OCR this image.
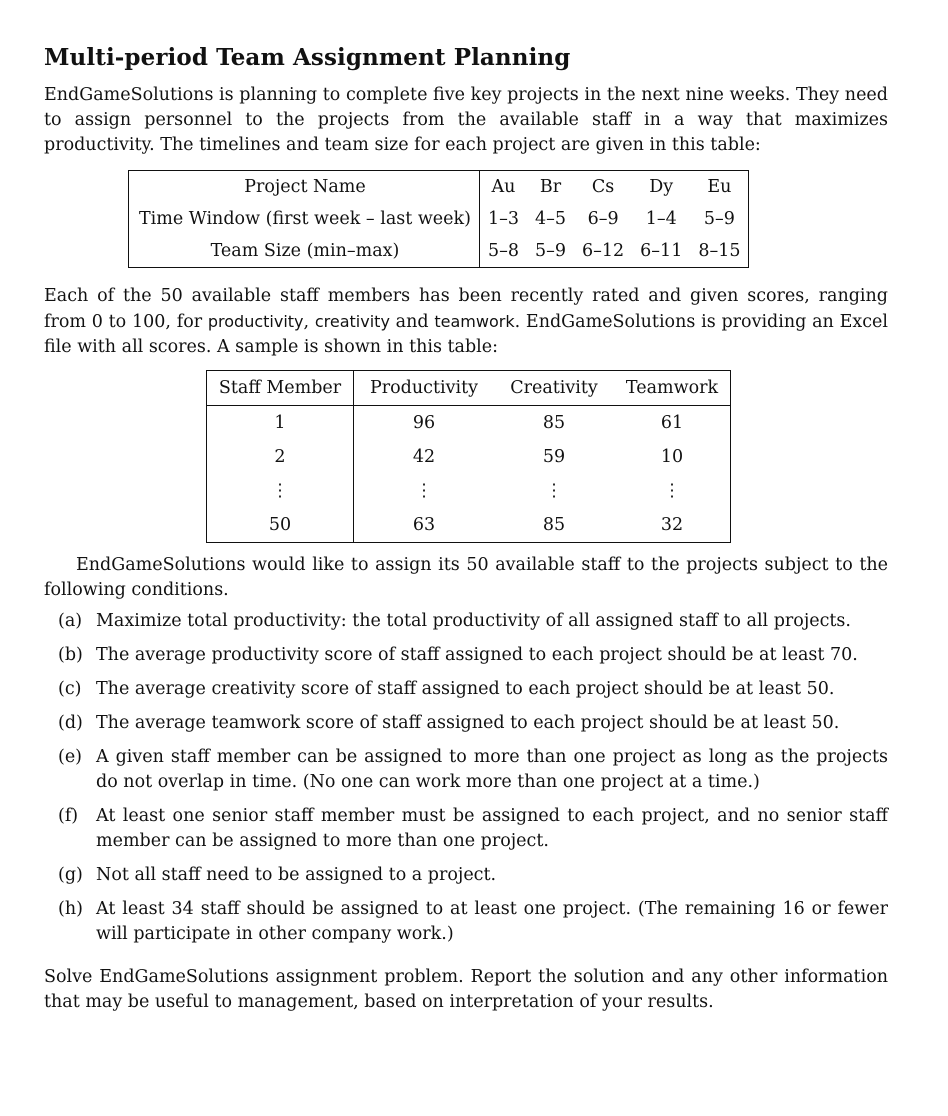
Multi-period Team Assignment Planning

EndGameSolutions is planning to complete five key projects in the next nine weeks. They need to assign personnel to the projects from the available staff in a way that maximizes productivity. The timelines and team size for each project are given in this table:

Project Name	Au	Br	Cs	Dy	Eu
Time Window (first week – last week)	1–3	4–5	6–9	1–4	5–9
Team Size (min–max)	5–8	5–9	6–12	6–11	8–15

Each of the 50 available staff members has been recently rated and given scores, ranging from 0 to 100, for productivity, creativity and teamwork. EndGameSolutions is providing an Excel file with all scores. A sample is shown in this table:

Staff Member	Productivity	Creativity	Teamwork
1	96	85	61
2	42	59	10
⋮	⋮	⋮	⋮
50	63	85	32

EndGameSolutions would like to assign its 50 available staff to the projects subject to the following conditions.

(a) Maximize total productivity: the total productivity of all assigned staff to all projects.
(b) The average productivity score of staff assigned to each project should be at least 70.
(c) The average creativity score of staff assigned to each project should be at least 50.
(d) The average teamwork score of staff assigned to each project should be at least 50.
(e) A given staff member can be assigned to more than one project as long as the projects do not overlap in time. (No one can work more than one project at a time.)
(f) At least one senior staff member must be assigned to each project, and no senior staff member can be assigned to more than one project.
(g) Not all staff need to be assigned to a project.
(h) At least 34 staff should be assigned to at least one project. (The remaining 16 or fewer will participate in other company work.)

Solve EndGameSolutions assignment problem. Report the solution and any other information that may be useful to management, based on interpretation of your results.
